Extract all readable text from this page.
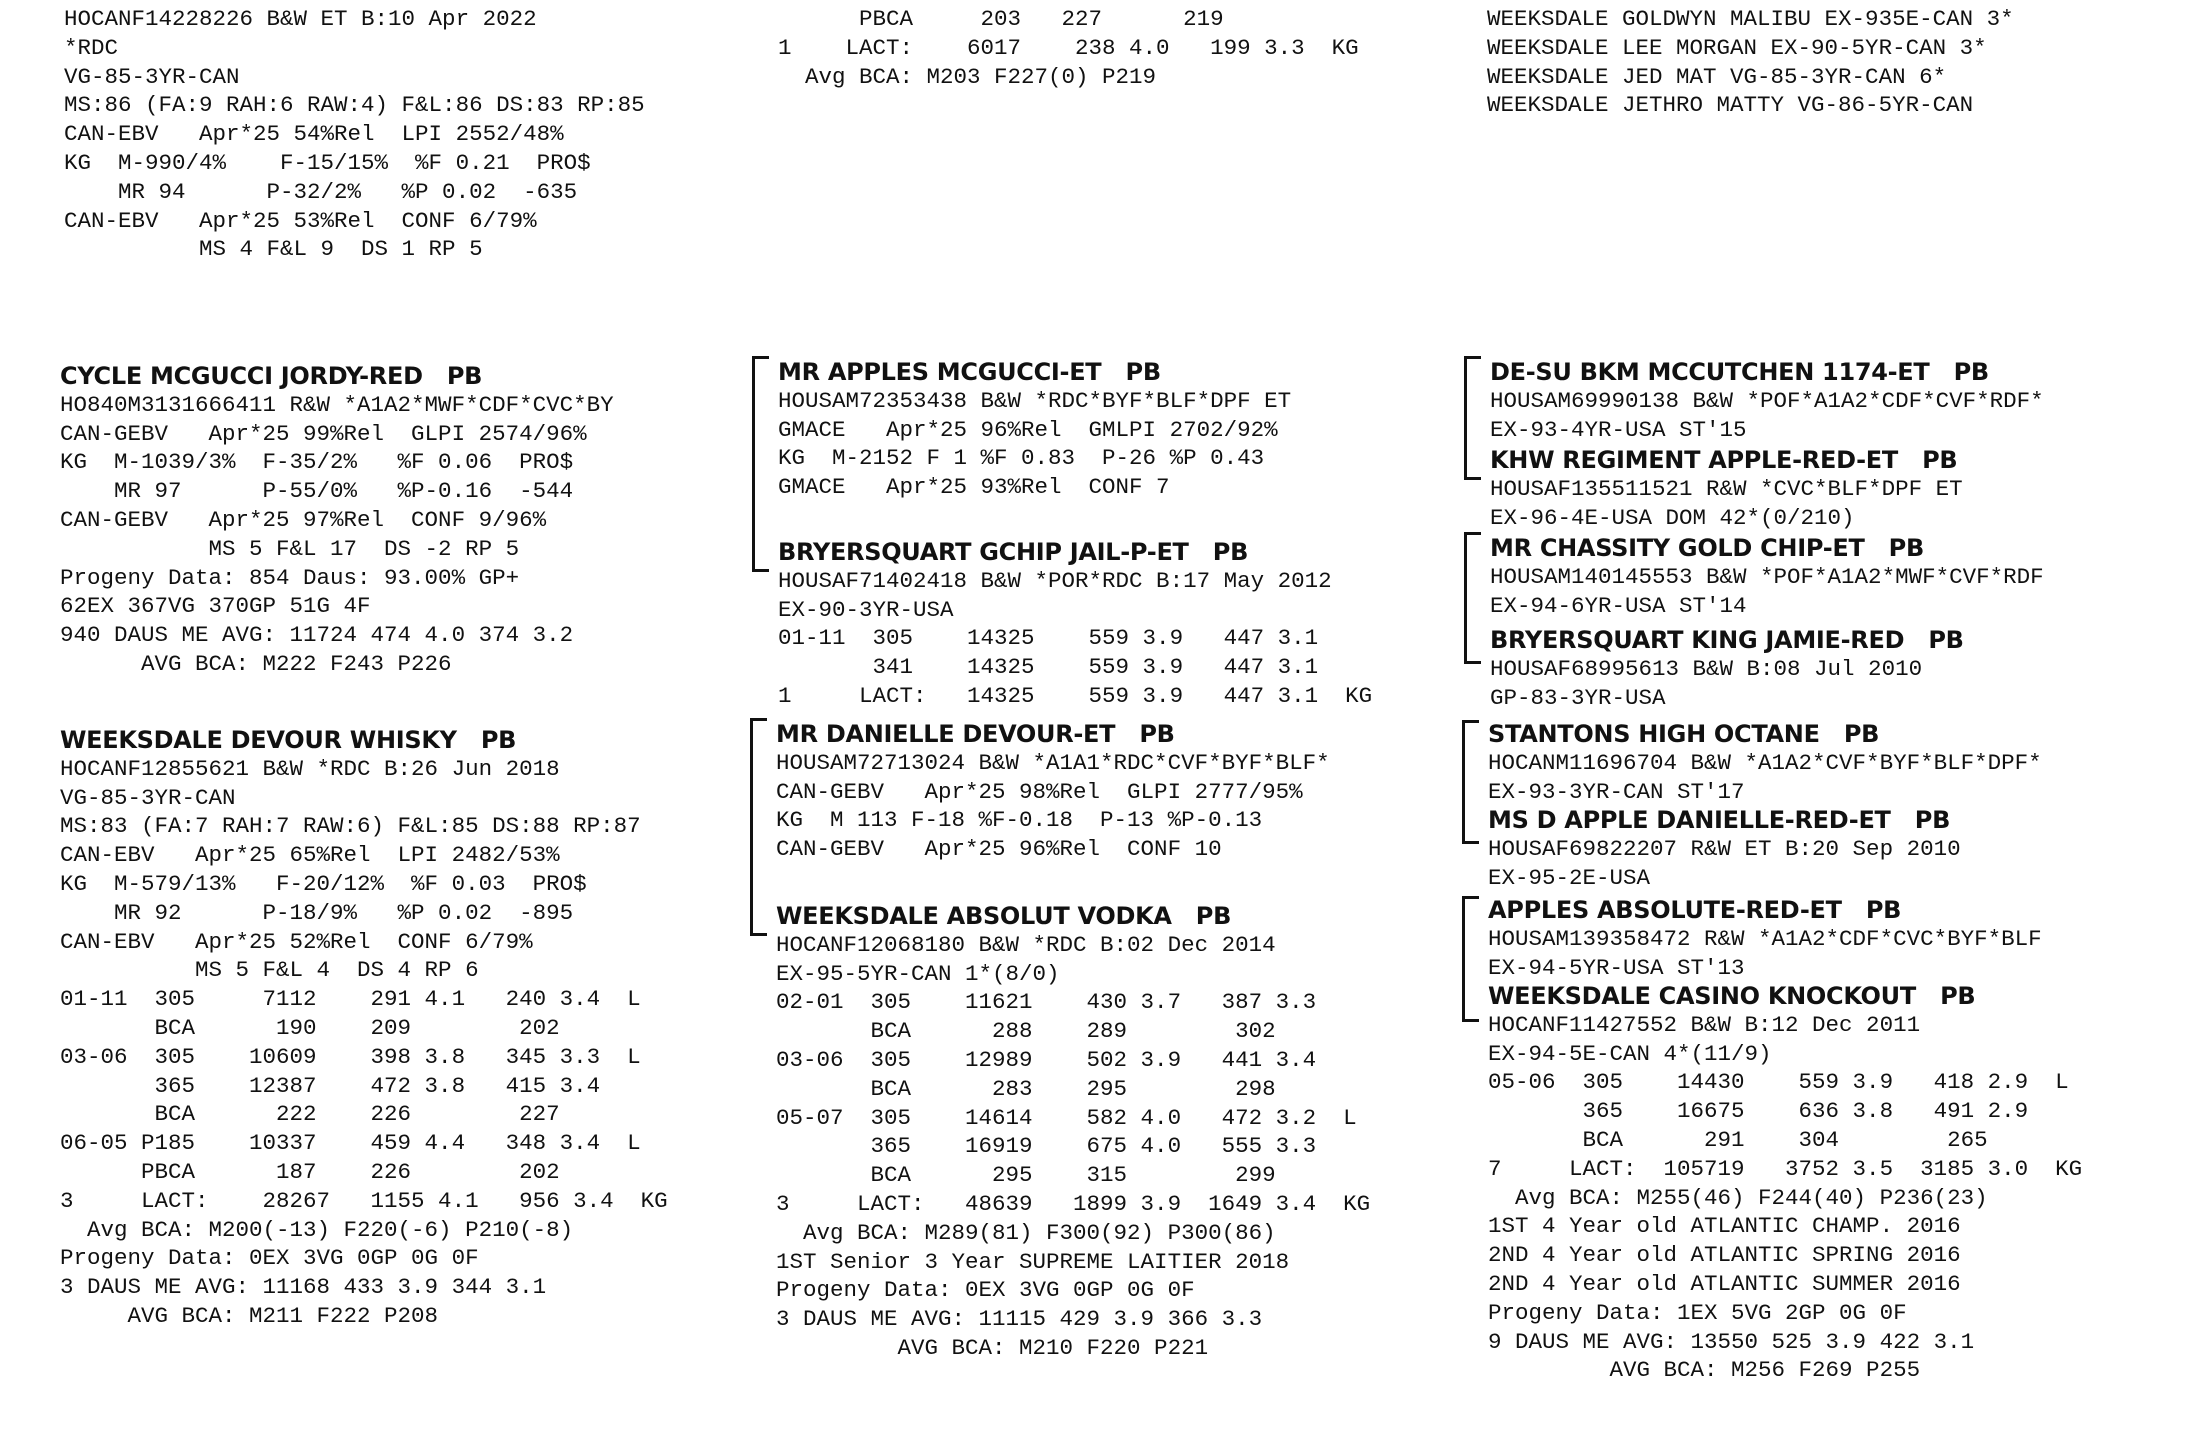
HOCANF14228226 B&W ET B:10 Apr 2022
*RDC
VG-85-3YR-CAN
MS:86 (FA:9 RAH:6 RAW:4) F&L:86 DS:83 RP:85
CAN-EBV   Apr*25 54%Rel  LPI 2552/48%
KG  M-990/4%    F-15/15%  %F 0.21  PRO$
MR 94      P-32/2%   %P 0.02  -635
CAN-EBV   Apr*25 53%Rel  CONF 6/79%
MS 4 F&L 9  DS 1 RP 5
CYCLE MCGUCCI JORDY-RED   PB
HO840M3131666411 R&W *A1A2*MWF*CDF*CVC*BY
CAN-GEBV   Apr*25 99%Rel  GLPI 2574/96%
KG  M-1039/3%  F-35/2%   %F 0.06  PRO$
MR 97      P-55/0%   %P-0.16  -544
CAN-GEBV   Apr*25 97%Rel  CONF 9/96%
MS 5 F&L 17  DS -2 RP 5
Progeny Data: 854 Daus: 93.00% GP+
62EX 367VG 370GP 51G 4F
940 DAUS ME AVG: 11724 474 4.0 374 3.2
AVG BCA: M222 F243 P226
WEEKSDALE DEVOUR WHISKY   PB
HOCANF12855621 B&W *RDC B:26 Jun 2018
VG-85-3YR-CAN
MS:83 (FA:7 RAH:7 RAW:6) F&L:85 DS:88 RP:87
CAN-EBV   Apr*25 65%Rel  LPI 2482/53%
KG  M-579/13%   F-20/12%  %F 0.03  PRO$
MR 92      P-18/9%   %P 0.02  -895
CAN-EBV   Apr*25 52%Rel  CONF 6/79%
MS 5 F&L 4  DS 4 RP 6
01-11  305     7112    291 4.1   240 3.4  L
BCA      190    209        202
03-06  305    10609    398 3.8   345 3.3  L
365    12387    472 3.8   415 3.4
BCA      222    226        227
06-05 P185    10337    459 4.4   348 3.4  L
PBCA      187    226        202
3     LACT:    28267   1155 4.1   956 3.4  KG
Avg BCA: M200(-13) F220(-6) P210(-8)
Progeny Data: 0EX 3VG 0GP 0G 0F
3 DAUS ME AVG: 11168 433 3.9 344 3.1
AVG BCA: M211 F222 P208
PBCA     203   227      219
1    LACT:    6017    238 4.0   199 3.3  KG
Avg BCA: M203 F227(0) P219
MR APPLES MCGUCCI-ET   PB
HOUSAM72353438 B&W *RDC*BYF*BLF*DPF ET
GMACE   Apr*25 96%Rel  GMLPI 2702/92%
KG  M-2152 F 1 %F 0.83  P-26 %P 0.43
GMACE   Apr*25 93%Rel  CONF 7
BRYERSQUART GCHIP JAIL-P-ET   PB
HOUSAF71402418 B&W *POR*RDC B:17 May 2012
EX-90-3YR-USA
01-11  305    14325    559 3.9   447 3.1
341    14325    559 3.9   447 3.1
1     LACT:   14325    559 3.9   447 3.1  KG
MR DANIELLE DEVOUR-ET   PB
HOUSAM72713024 B&W *A1A1*RDC*CVF*BYF*BLF*
CAN-GEBV   Apr*25 98%Rel  GLPI 2777/95%
KG  M 113 F-18 %F-0.18  P-13 %P-0.13
CAN-GEBV   Apr*25 96%Rel  CONF 10
WEEKSDALE ABSOLUT VODKA   PB
HOCANF12068180 B&W *RDC B:02 Dec 2014
EX-95-5YR-CAN 1*(8/0)
02-01  305    11621    430 3.7   387 3.3
BCA      288    289        302
03-06  305    12989    502 3.9   441 3.4
BCA      283    295        298
05-07  305    14614    582 4.0   472 3.2  L
365    16919    675 4.0   555 3.3
BCA      295    315        299
3     LACT:   48639   1899 3.9  1649 3.4  KG
Avg BCA: M289(81) F300(92) P300(86)
1ST Senior 3 Year SUPREME LAITIER 2018
Progeny Data: 0EX 3VG 0GP 0G 0F
3 DAUS ME AVG: 11115 429 3.9 366 3.3
AVG BCA: M210 F220 P221
WEEKSDALE GOLDWYN MALIBU EX-935E-CAN 3*
WEEKSDALE LEE MORGAN EX-90-5YR-CAN 3*
WEEKSDALE JED MAT VG-85-3YR-CAN 6*
WEEKSDALE JETHRO MATTY VG-86-5YR-CAN
DE-SU BKM MCCUTCHEN 1174-ET   PB
HOUSAM69990138 B&W *POF*A1A2*CDF*CVF*RDF*
EX-93-4YR-USA ST'15
KHW REGIMENT APPLE-RED-ET   PB
HOUSAF135511521 R&W *CVC*BLF*DPF ET
EX-96-4E-USA DOM 42*(0/210)
MR CHASSITY GOLD CHIP-ET   PB
HOUSAM140145553 B&W *POF*A1A2*MWF*CVF*RDF
EX-94-6YR-USA ST'14
BRYERSQUART KING JAMIE-RED   PB
HOUSAF68995613 B&W B:08 Jul 2010
GP-83-3YR-USA
STANTONS HIGH OCTANE   PB
HOCANM11696704 B&W *A1A2*CVF*BYF*BLF*DPF*
EX-93-3YR-CAN ST'17
MS D APPLE DANIELLE-RED-ET   PB
HOUSAF69822207 R&W ET B:20 Sep 2010
EX-95-2E-USA
APPLES ABSOLUTE-RED-ET   PB
HOUSAM139358472 R&W *A1A2*CDF*CVC*BYF*BLF
EX-94-5YR-USA ST'13
WEEKSDALE CASINO KNOCKOUT   PB
HOCANF11427552 B&W B:12 Dec 2011
EX-94-5E-CAN 4*(11/9)
05-06  305    14430    559 3.9   418 2.9  L
365    16675    636 3.8   491 2.9
BCA      291    304        265
7     LACT:  105719   3752 3.5  3185 3.0  KG
Avg BCA: M255(46) F244(40) P236(23)
1ST 4 Year old ATLANTIC CHAMP. 2016
2ND 4 Year old ATLANTIC SPRING 2016
2ND 4 Year old ATLANTIC SUMMER 2016
Progeny Data: 1EX 5VG 2GP 0G 0F
9 DAUS ME AVG: 13550 525 3.9 422 3.1
AVG BCA: M256 F269 P255
